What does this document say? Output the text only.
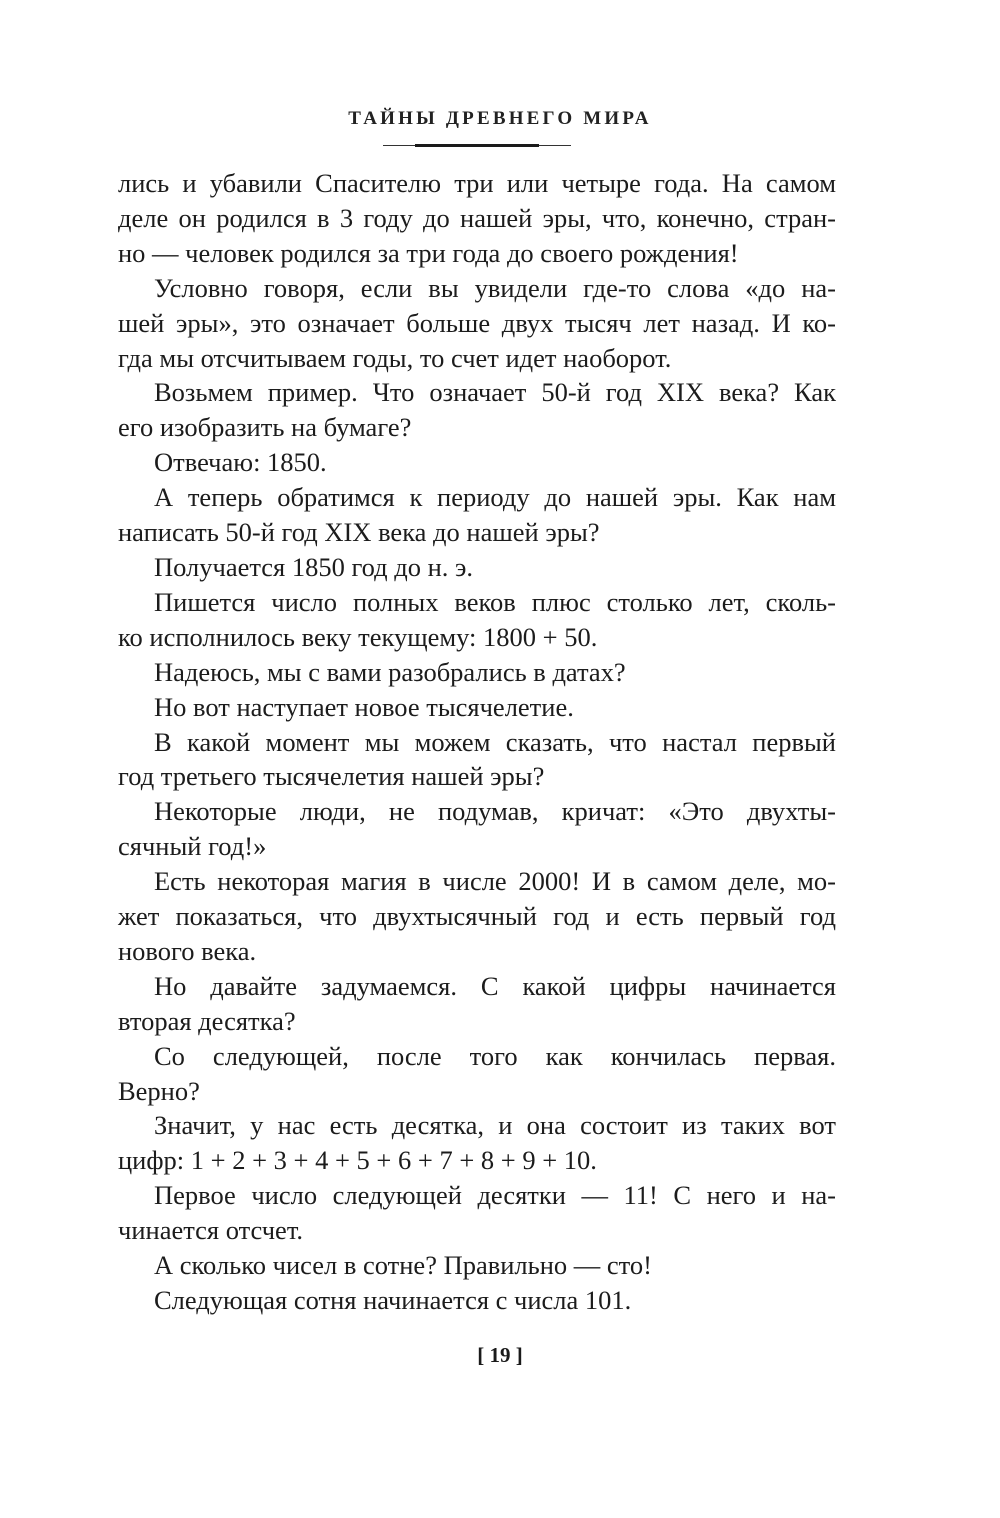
ТАЙНЫ ДРЕВНЕГО МИРА
лись и убавили Спасителю три или четыре года. На самом
деле он родился в 3 году до нашей эры, что, конечно, стран-
но — человек родился за три года до своего рождения!
Условно говоря, если вы увидели где-то слова «до на-
шей эры», это означает больше двух тысяч лет назад. И ко-
гда мы отсчитываем годы, то счет идет наоборот.
Возьмем пример. Что означает 50-й год XIX века? Как
его изобразить на бумаге?
Отвечаю: 1850.
А теперь обратимся к периоду до нашей эры. Как нам
написать 50-й год XIX века до нашей эры?
Получается 1850 год до н. э.
Пишется число полных веков плюс столько лет, сколь-
ко исполнилось веку текущему: 1800 + 50.
Надеюсь, мы с вами разобрались в датах?
Но вот наступает новое тысячелетие.
В какой момент мы можем сказать, что настал первый
год третьего тысячелетия нашей эры?
Некоторые люди, не подумав, кричат: «Это двухты-
сячный год!»
Есть некоторая магия в числе 2000! И в самом деле, мо-
жет показаться, что двухтысячный год и есть первый год
нового века.
Но давайте задумаемся. С какой цифры начинается
вторая десятка?
Со следующей, после того как кончилась первая.
Верно?
Значит, у нас есть десятка, и она состоит из таких вот
цифр: 1 + 2 + 3 + 4 + 5 + 6 + 7 + 8 + 9 + 10.
Первое число следующей десятки — 11! С него и на-
чинается отсчет.
А сколько чисел в сотне? Правильно — сто!
Следующая сотня начинается с числа 101.
[ 19 ]
